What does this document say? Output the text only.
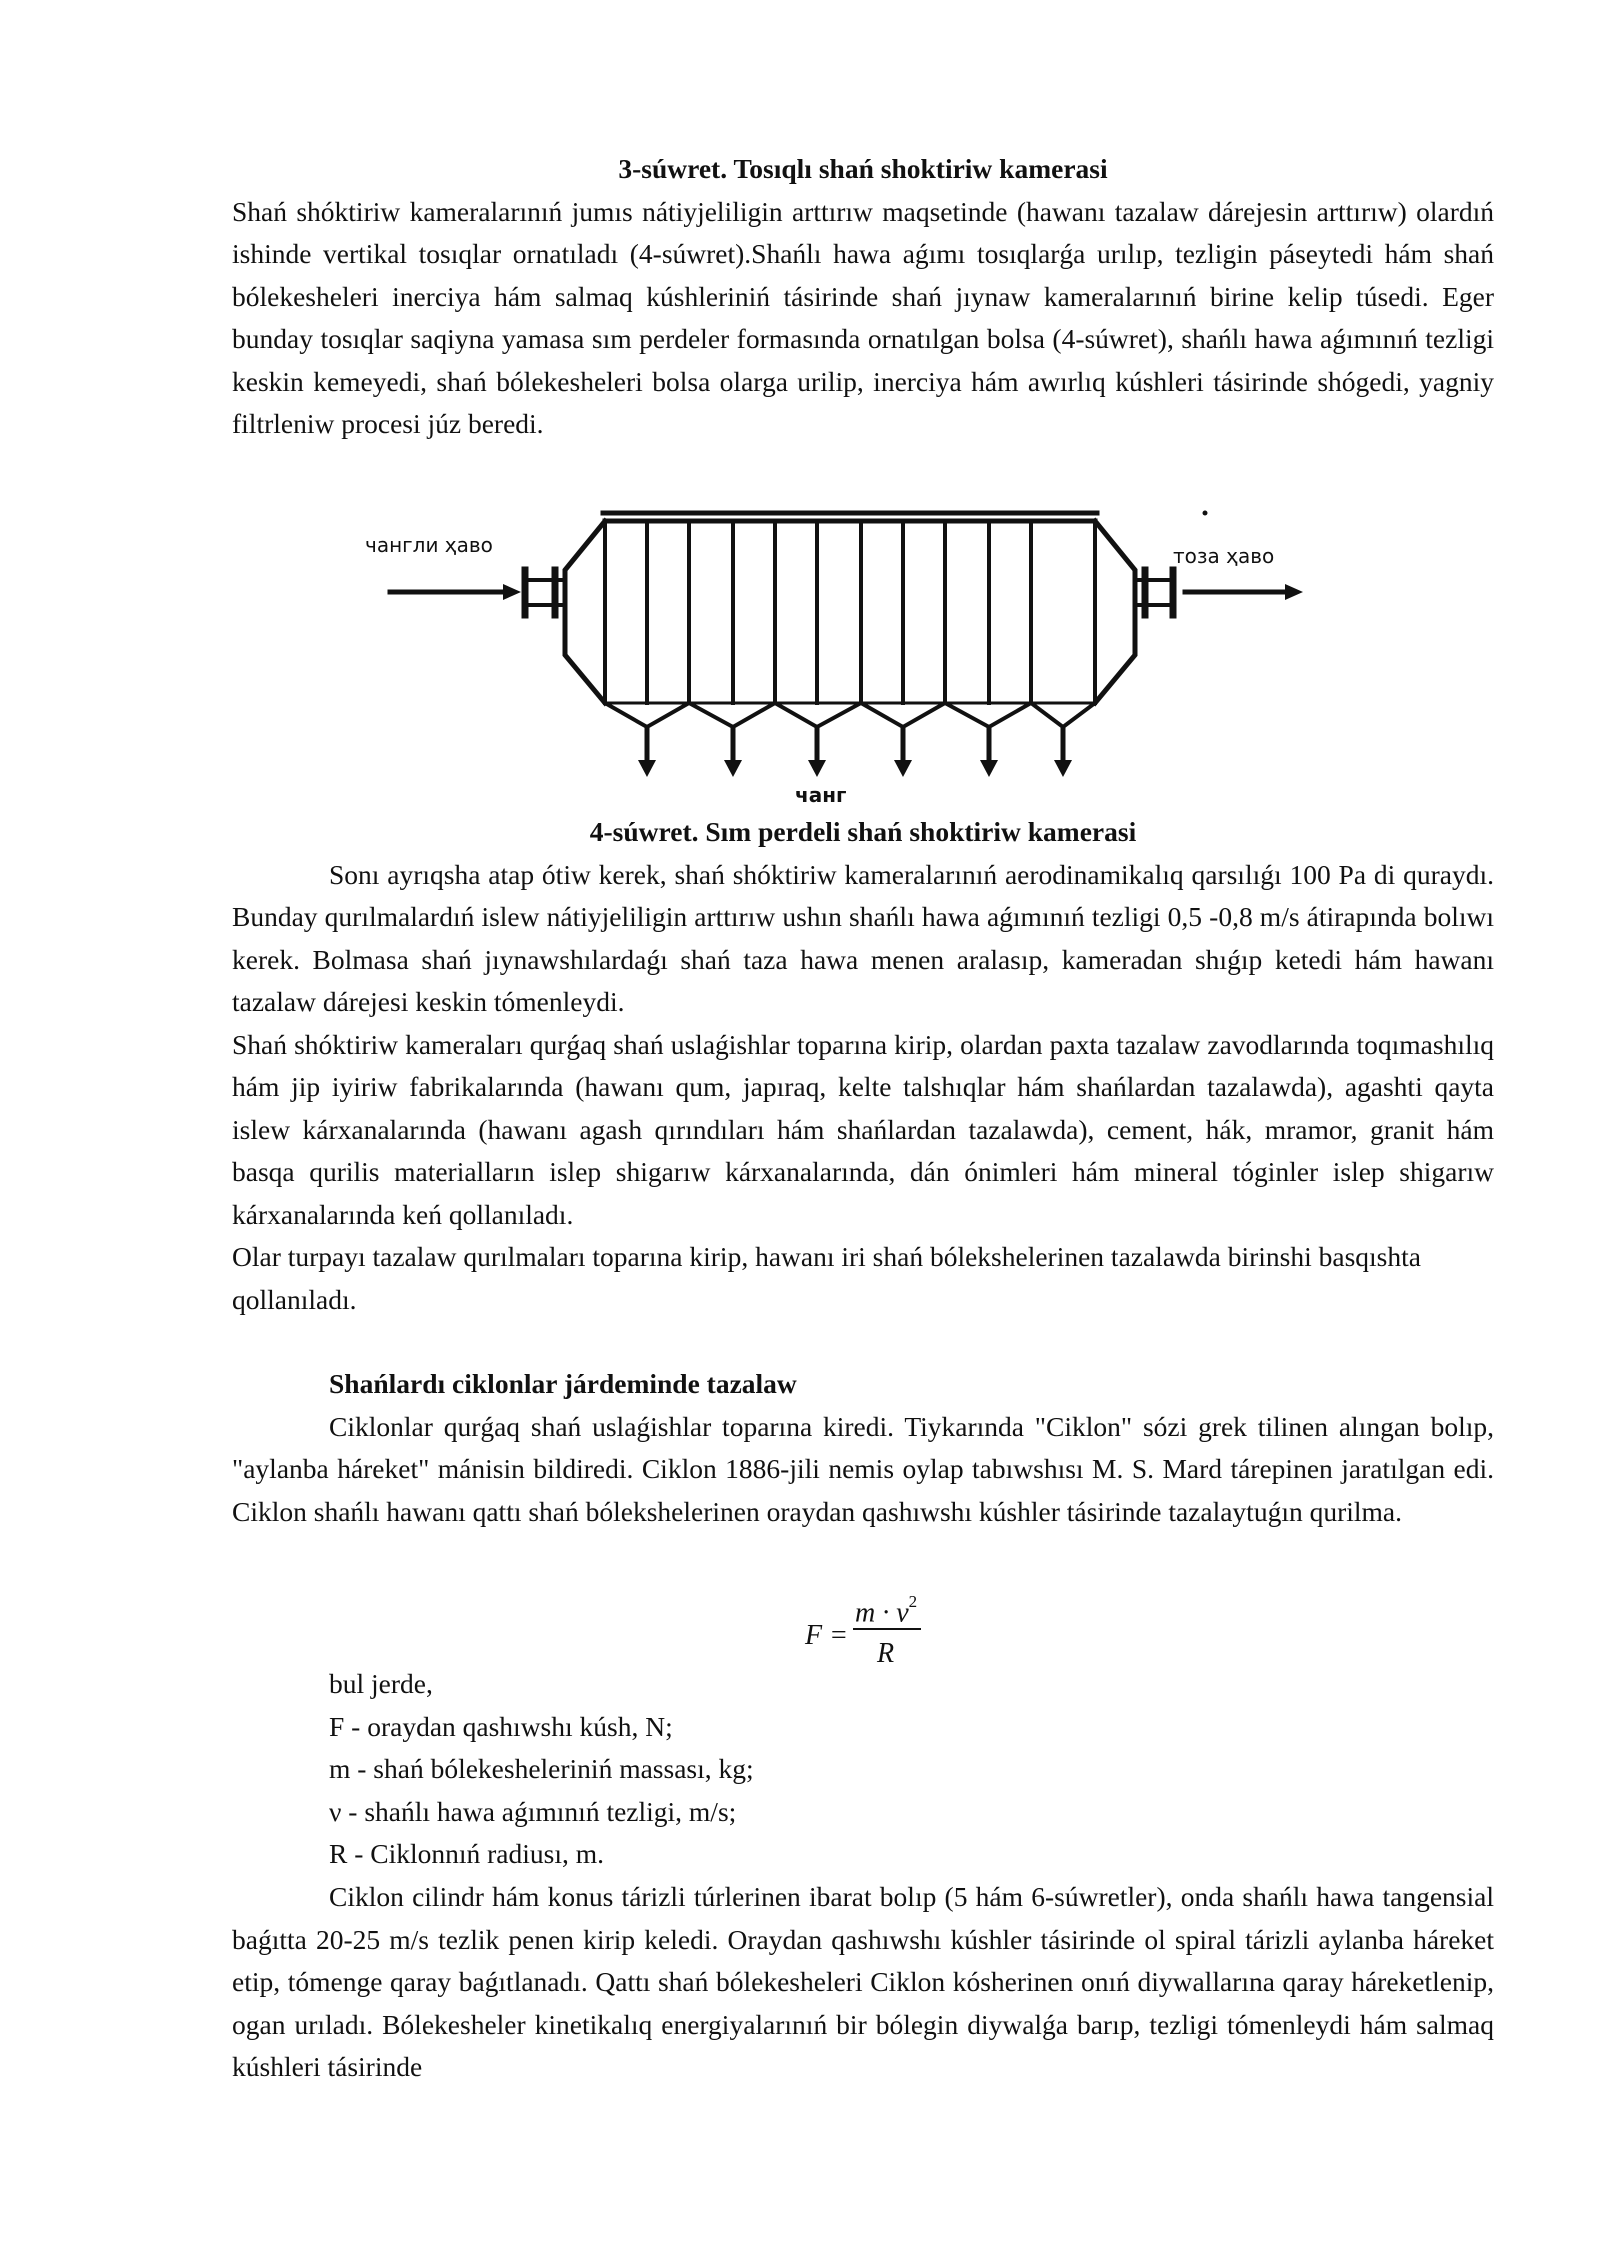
3-súwret. Tosıqlı shań shoktiriw kamerasi

Shań shóktiriw kameralarınıń jumıs nátiyjeliligin arttırıw maqsetinde (hawanı tazalaw dárejesin arttırıw) olardıń ishinde vertikal tosıqlar ornatıladı (4-súwret).Shańlı hawa aǵımı tosıqlarǵa urılıp, tezligin páseytedi hám shań bólekesheleri inerciya hám salmaq kúshleriniń tásirinde shań jıynaw kameralarınıń birine kelip túsedi. Eger bunday tosıqlar saqiyna yamasa sım perdeler formasında ornatılgan bolsa (4-súwret), shańlı hawa aǵımınıń tezligi keskin kemeyedi, shań bólekesheleri bolsa olarga urilip, inerciya hám awırlıq kúshleri tásirinde shógedi, yagniy filtrleniw procesi júz beredi.

чангли ҳаво	тоза ҳаво
чанг

4-súwret. Sım perdeli shań shoktiriw kamerasi

Sonı ayrıqsha atap ótiw kerek, shań shóktiriw kameralarınıń aerodinamikalıq qarsılıǵı 100 Pa di quraydı. Bunday qurılmalardıń islew nátiyjeliligin arttırıw ushın shańlı hawa aǵımınıń tezligi 0,5 -0,8 m/s átirapında bolıwı kerek. Bolmasa shań jıynawshılardaǵı shań taza hawa menen aralasıp, kameradan shıǵıp ketedi hám hawanı tazalaw dárejesi keskin tómenleydi.

Shań shóktiriw kameraları qurǵaq shań uslaǵishlar toparına kirip, olardan paxta tazalaw zavodlarında toqımashılıq hám jip iyiriw fabrikalarında (hawanı qum, japıraq, kelte talshıqlar hám shańlardan tazalawda), agashti qayta islew kárxanalarında (hawanı agash qırındıları hám shańlardan tazalawda), cement, hák, mramor, granit hám basqa qurilis materialların islep shigarıw kárxanalarında, dán ónimleri hám mineral tóginler islep shigarıw kárxanalarında keń qollanıladı.

Olar turpayı tazalaw qurılmaları toparına kirip, hawanı iri shań bólekshelerinen tazalawda birinshi basqıshta qollanıladı.

Shańlardı ciklonlar járdeminde tazalaw

Ciklonlar qurǵaq shań uslaǵishlar toparına kiredi. Tiykarında "Ciklon" sózi grek tilinen alıngan bolıp, "aylanba háreket" mánisin bildiredi. Ciklon 1886-jili nemis oylap tabıwshısı M. S. Mard tárepinen jaratılgan edi. Ciklon shańlı hawanı qattı shań bólekshelerinen oraydan qashıwshı kúshler tásirinde tazalaytuǵın qurilma.

F =
$m \cdot v^2$
R

bul jerde,

F - oraydan qashıwshı kúsh, N;

m - shań bólekesheleriniń massası, kg;

ν - shańlı hawa aǵımınıń tezligi, m/s;

R - Ciklonnıń radiusı, m.

Ciklon cilindr hám konus tárizli túrlerinen ibarat bolıp (5 hám 6-súwretler), onda shańlı hawa tangensial baǵıtta 20-25 m/s tezlik penen kirip keledi. Oraydan qashıwshı kúshler tásirinde ol spiral tárizli aylanba háreket etip, tómenge qaray baǵıtlanadı. Qattı shań bólekesheleri Ciklon kósherinen onıń diywallarına qaray háreketlenip, ogan urıladı. Bólekesheler kinetikalıq energiyalarınıń bir bólegin diywalǵa barıp, tezligi tómenleydi hám salmaq kúshleri tásirinde
